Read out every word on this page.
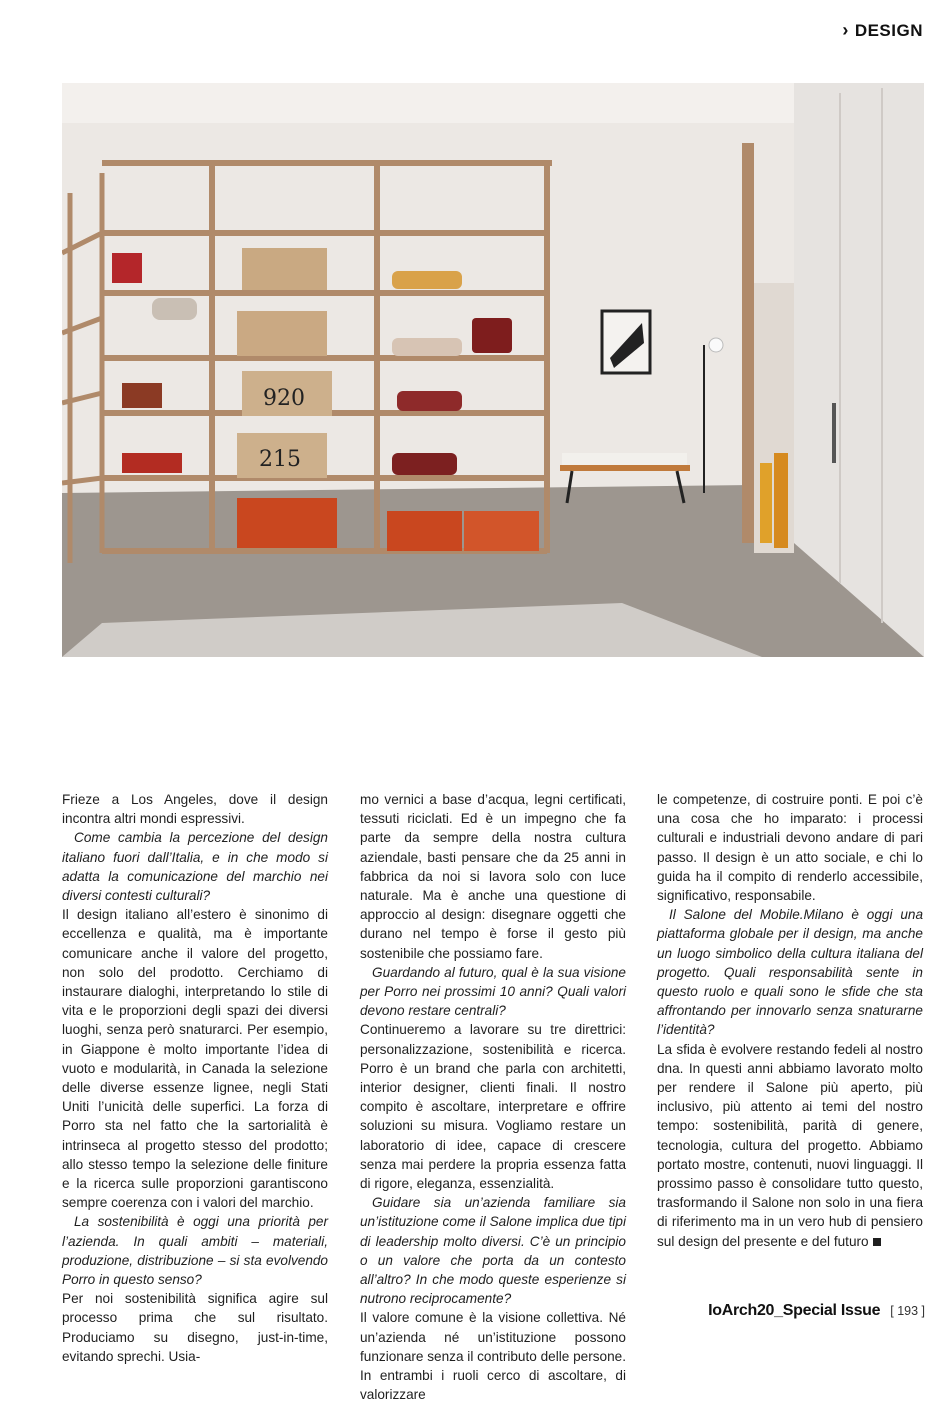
› DESIGN
920
215

Frieze a Los Angeles, dove il design incontra altri mondi espressivi.

Come cambia la percezione del design italiano fuori dall’Italia, e in che modo si adatta la comunicazione del marchio nei diversi contesti culturali?

Il design italiano all’estero è sinonimo di eccellenza e qualità, ma è importante comunicare anche il valore del progetto, non solo del prodotto. Cerchiamo di instaurare dialoghi, interpretando lo stile di vita e le proporzioni degli spazi dei diversi luoghi, senza però snaturarci. Per esempio, in Giappone è molto importante l’idea di vuoto e modularità, in Canada la selezione delle diverse essenze lignee, negli Stati Uniti l’unicità delle superfici. La forza di Porro sta nel fatto che la sartorialità è intrinseca al progetto stesso del prodotto; allo stesso tempo la selezione delle finiture e la ricerca sulle proporzioni garantiscono sempre coerenza con i valori del marchio.

La sostenibilità è oggi una priorità per l’azienda. In quali ambiti – materiali, produzione, distribuzione – si sta evolvendo Porro in questo senso?

Per noi sostenibilità significa agire sul processo prima che sul risultato. Produciamo su disegno, just-in-time, evitando sprechi. Usia-

mo vernici a base d’acqua, legni certificati, tessuti riciclati. Ed è un impegno che fa parte da sempre della nostra cultura aziendale, basti pensare che da 25 anni in fabbrica da noi si lavora solo con luce naturale. Ma è anche una questione di approccio al design: disegnare oggetti che durano nel tempo è forse il gesto più sostenibile che possiamo fare.

Guardando al futuro, qual è la sua visione per Porro nei prossimi 10 anni? Quali valori devono restare centrali?

Continueremo a lavorare su tre direttrici: personalizzazione, sostenibilità e ricerca. Porro è un brand che parla con architetti, interior designer, clienti finali. Il nostro compito è ascoltare, interpretare e offrire soluzioni su misura. Vogliamo restare un laboratorio di idee, capace di crescere senza mai perdere la propria essenza fatta di rigore, eleganza, essenzialità.

Guidare sia un’azienda familiare sia un’istituzione come il Salone implica due tipi di leadership molto diversi. C’è un principio o un valore che porta da un contesto all’altro? In che modo queste esperienze si nutrono reciprocamente?

Il valore comune è la visione collettiva. Né un’azienda né un’istituzione possono funzionare senza il contributo delle persone. In entrambi i ruoli cerco di ascoltare, di valorizzare

le competenze, di costruire ponti. E poi c’è una cosa che ho imparato: i processi culturali e industriali devono andare di pari passo. Il design è un atto sociale, e chi lo guida ha il compito di renderlo accessibile, significativo, responsabile.

Il Salone del Mobile.Milano è oggi una piattaforma globale per il design, ma anche un luogo simbolico della cultura italiana del progetto. Quali responsabilità sente in questo ruolo e quali sono le sfide che sta affrontando per innovarlo senza snaturarne l’identità?

La sfida è evolvere restando fedeli al nostro dna. In questi anni abbiamo lavorato molto per rendere il Salone più aperto, più inclusivo, più attento ai temi del nostro tempo: sostenibilità, parità di genere, tecnologia, cultura del progetto. Abbiamo portato mostre, contenuti, nuovi linguaggi. Il prossimo passo è consolidare tutto questo, trasformando il Salone non solo in una fiera di riferimento ma in un vero hub di pensiero sul design del presente e del futuro

IoArch20_Special Issue [ 193 ]
